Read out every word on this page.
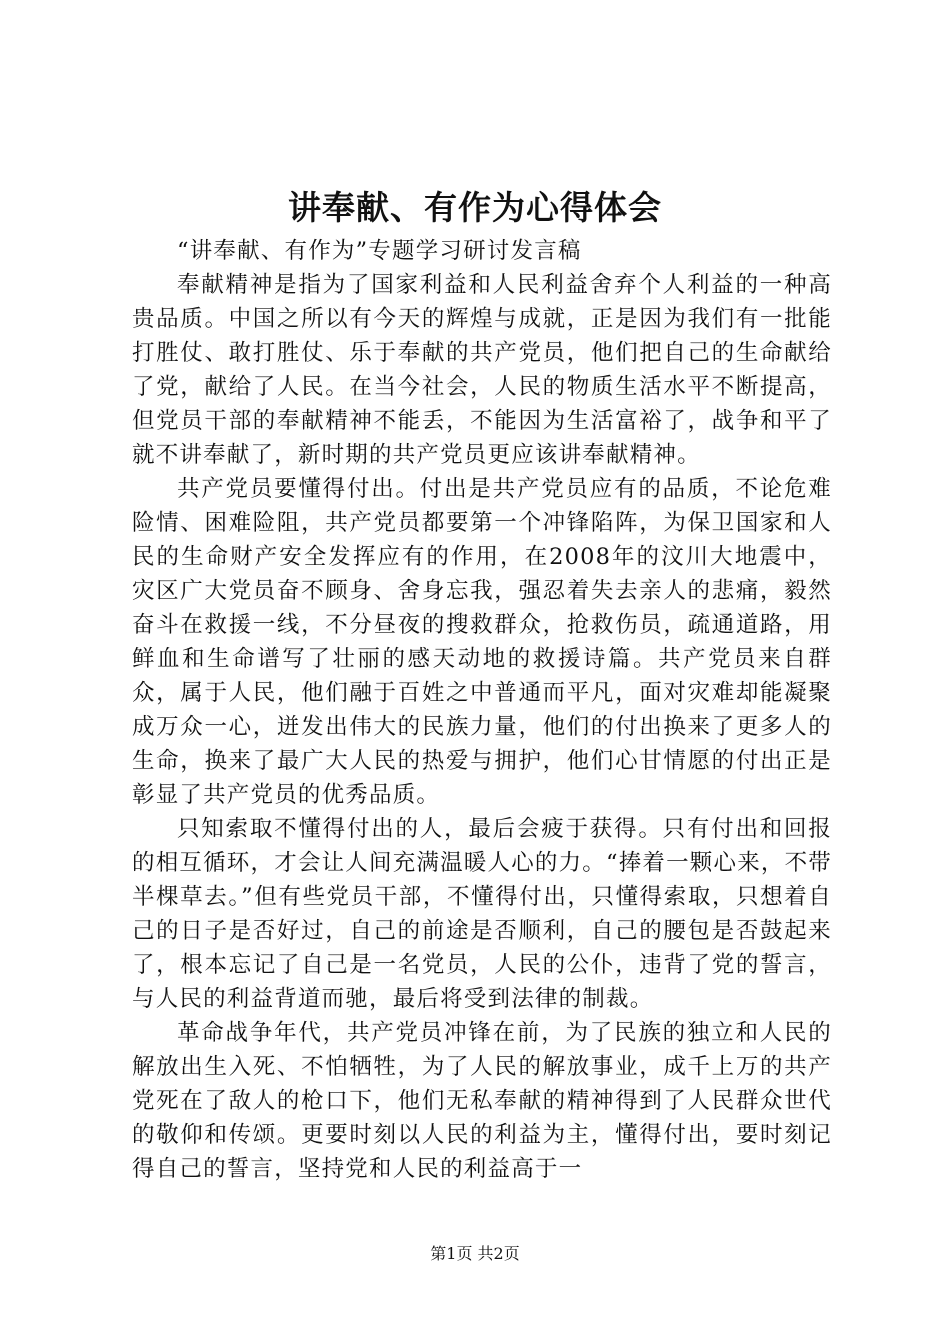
讲奉献、有作为心得体会

“讲奉献、有作为”专题学习研讨发言稿

奉献精神是指为了国家利益和人民利益舍弃个人利益的一种高贵品质。中国之所以有今天的辉煌与成就，正是因为我们有一批能打胜仗、敢打胜仗、乐于奉献的共产党员，他们把自己的生命献给了党，献给了人民。在当今社会，人民的物质生活水平不断提高，但党员干部的奉献精神不能丢，不能因为生活富裕了，战争和平了就不讲奉献了，新时期的共产党员更应该讲奉献精神。

共产党员要懂得付出。付出是共产党员应有的品质，不论危难险情、困难险阻，共产党员都要第一个冲锋陷阵，为保卫国家和人民的生命财产安全发挥应有的作用，在2008年的汶川大地震中，灾区广大党员奋不顾身、舍身忘我，强忍着失去亲人的悲痛，毅然奋斗在救援一线，不分昼夜的搜救群众，抢救伤员，疏通道路，用鲜血和生命谱写了壮丽的感天动地的救援诗篇。共产党员来自群众，属于人民，他们融于百姓之中普通而平凡，面对灾难却能凝聚成万众一心，迸发出伟大的民族力量，他们的付出换来了更多人的生命，换来了最广大人民的热爱与拥护，他们心甘情愿的付出正是彰显了共产党员的优秀品质。

只知索取不懂得付出的人，最后会疲于获得。只有付出和回报的相互循环，才会让人间充满温暖人心的力。“捧着一颗心来，不带半棵草去。”但有些党员干部，不懂得付出，只懂得索取，只想着自己的日子是否好过，自己的前途是否顺利，自己的腰包是否鼓起来了，根本忘记了自己是一名党员，人民的公仆，违背了党的誓言，与人民的利益背道而驰，最后将受到法律的制裁。

革命战争年代，共产党员冲锋在前，为了民族的独立和人民的解放出生入死、不怕牺牲，为了人民的解放事业，成千上万的共产党死在了敌人的枪口下，他们无私奉献的精神得到了人民群众世代的敬仰和传颂。更要时刻以人民的利益为主，懂得付出，要时刻记得自己的誓言，坚持党和人民的利益高于一

第1页 共2页
